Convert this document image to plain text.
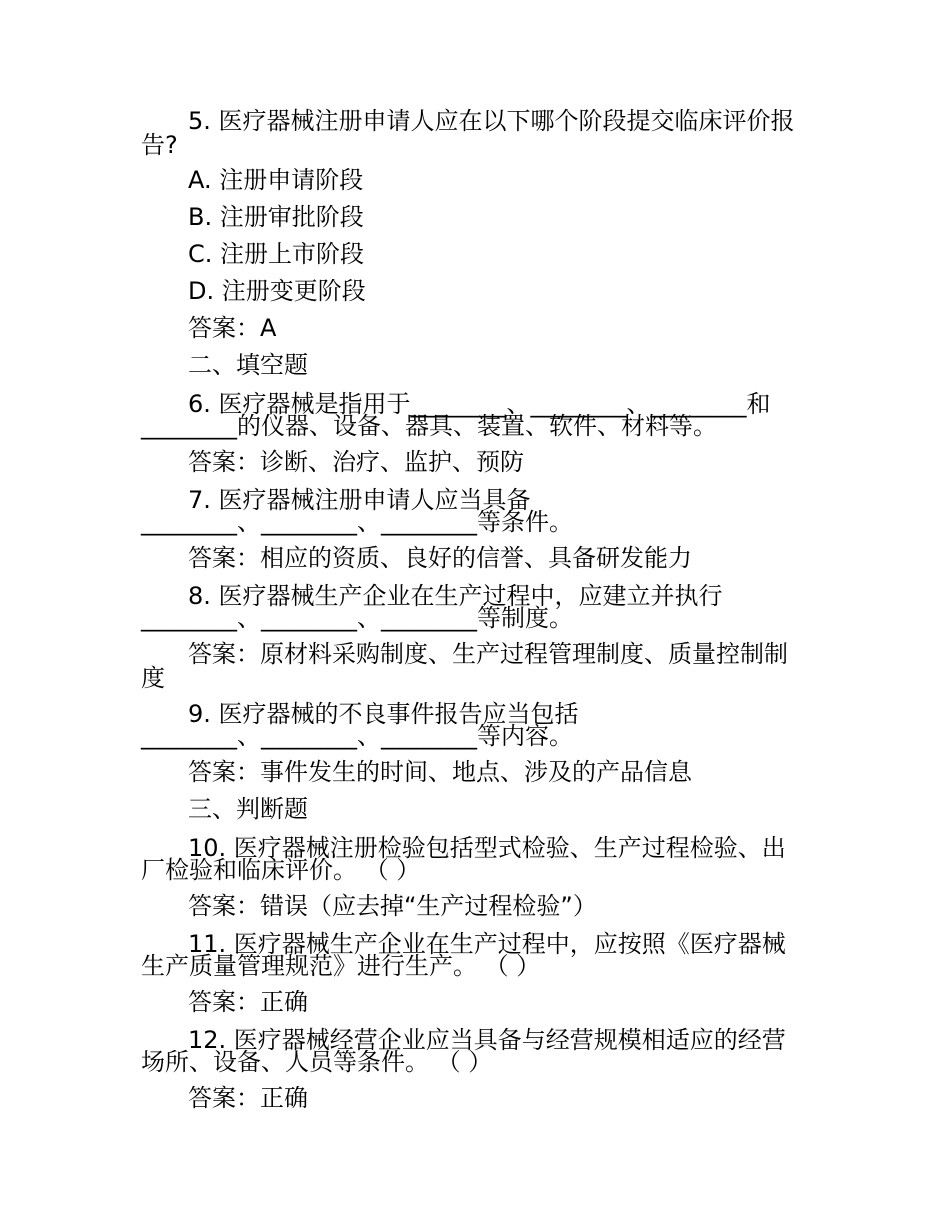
5. 医疗器械注册申请人应在以下哪个阶段提交临床评价报
告?
A. 注册申请阶段
B. 注册审批阶段
C. 注册上市阶段
D. 注册变更阶段
答案：A
二、填空题
6. 医疗器械是指用于________、________、________和
________的仪器、设备、器具、装置、软件、材料等。
答案：诊断、治疗、监护、预防
7. 医疗器械注册申请人应当具备
________、________、________等条件。
答案：相应的资质、良好的信誉、具备研发能力
8. 医疗器械生产企业在生产过程中，应建立并执行
________、________、________等制度。
答案：原材料采购制度、生产过程管理制度、质量控制制
度
9. 医疗器械的不良事件报告应当包括
________、________、________等内容。
答案：事件发生的时间、地点、涉及的产品信息
三、判断题
10. 医疗器械注册检验包括型式检验、生产过程检验、出
厂检验和临床评价。 （ ）
答案：错误（应去掉“生产过程检验”）
11. 医疗器械生产企业在生产过程中，应按照《医疗器械
生产质量管理规范》进行生产。 （ ）
答案：正确
12. 医疗器械经营企业应当具备与经营规模相适应的经营
场所、设备、人员等条件。 （ ）
答案：正确
